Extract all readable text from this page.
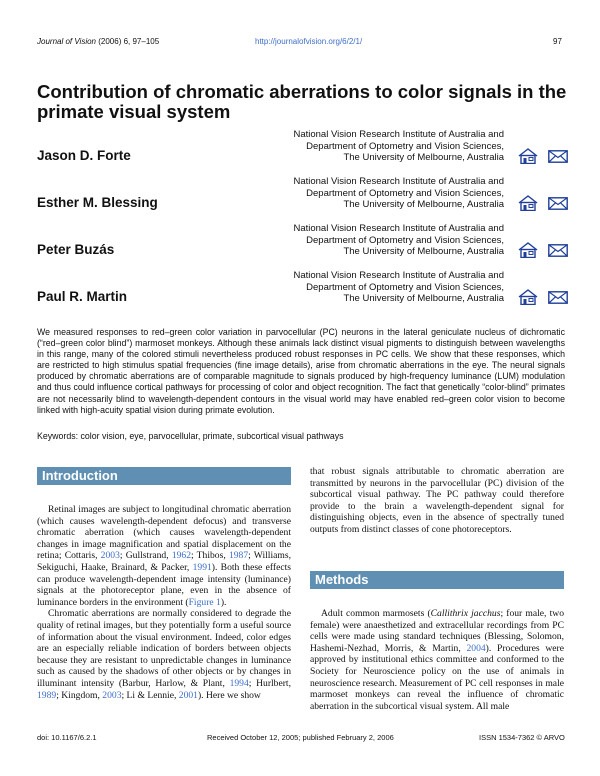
Journal of Vision (2006) 6, 97–105	http://journalofvision.org/6/2/1/	97
Contribution of chromatic aberrations to color signals in the primate visual system
Jason D. Forte
National Vision Research Institute of Australia and
Department of Optometry and Vision Sciences,
The University of Melbourne, Australia
Esther M. Blessing
National Vision Research Institute of Australia and
Department of Optometry and Vision Sciences,
The University of Melbourne, Australia
Peter Buzás
National Vision Research Institute of Australia and
Department of Optometry and Vision Sciences,
The University of Melbourne, Australia
Paul R. Martin
National Vision Research Institute of Australia and
Department of Optometry and Vision Sciences,
The University of Melbourne, Australia
We measured responses to red–green color variation in parvocellular (PC) neurons in the lateral geniculate nucleus of dichromatic (“red–green color blind”) marmoset monkeys. Although these animals lack distinct visual pigments to distinguish between wavelengths in this range, many of the colored stimuli nevertheless produced robust responses in PC cells. We show that these responses, which are restricted to high stimulus spatial frequencies (fine image details), arise from chromatic aberrations in the eye. The neural signals produced by chromatic aberrations are of comparable magnitude to signals produced by high-frequency luminance (LUM) modulation and thus could influence cortical pathways for processing of color and object recognition. The fact that genetically “color-blind” primates are not necessarily blind to wavelength-dependent contours in the visual world may have enabled red–green color vision to become linked with high-acuity spatial vision during primate evolution.
Keywords: color vision, eye, parvocellular, primate, subcortical visual pathways
Introduction
Methods

Retinal images are subject to longitudinal chromatic aberration (which causes wavelength-dependent defocus) and transverse chromatic aberration (which causes wavelength-dependent changes in image magnification and spatial displacement on the retina; Cottaris, 2003; Gullstrand, 1962; Thibos, 1987; Williams, Sekiguchi, Haake, Brainard, & Packer, 1991). Both these effects can produce wavelength-dependent image intensity (luminance) signals at the photoreceptor plane, even in the absence of luminance borders in the environment (Figure 1).

Chromatic aberrations are normally considered to degrade the quality of retinal images, but they potentially form a useful source of information about the visual environment. Indeed, color edges are an especially reliable indication of borders between objects because they are resistant to unpredictable changes in luminance such as caused by the shadows of other objects or by changes in illuminant intensity (Barbur, Harlow, & Plant, 1994; Hurlbert, 1989; Kingdom, 2003; Li & Lennie, 2001). Here we show

that robust signals attributable to chromatic aberration are transmitted by neurons in the parvocellular (PC) division of the subcortical visual pathway. The PC pathway could therefore provide to the brain a wavelength-dependent signal for distinguishing objects, even in the absence of spectrally tuned outputs from distinct classes of cone photoreceptors.

Adult common marmosets (Callithrix jacchus; four male, two female) were anaesthetized and extracellular recordings from PC cells were made using standard techniques (Blessing, Solomon, Hashemi-Nezhad, Morris, & Martin, 2004). Procedures were approved by institutional ethics committee and conformed to the Society for Neuroscience policy on the use of animals in neuroscience research. Measurement of PC cell responses in male marmoset monkeys can reveal the influence of chromatic aberration in the subcortical visual system. All male

doi: 10.1167/6.2.1	Received October 12, 2005; published February 2, 2006	ISSN 1534-7362 © ARVO
